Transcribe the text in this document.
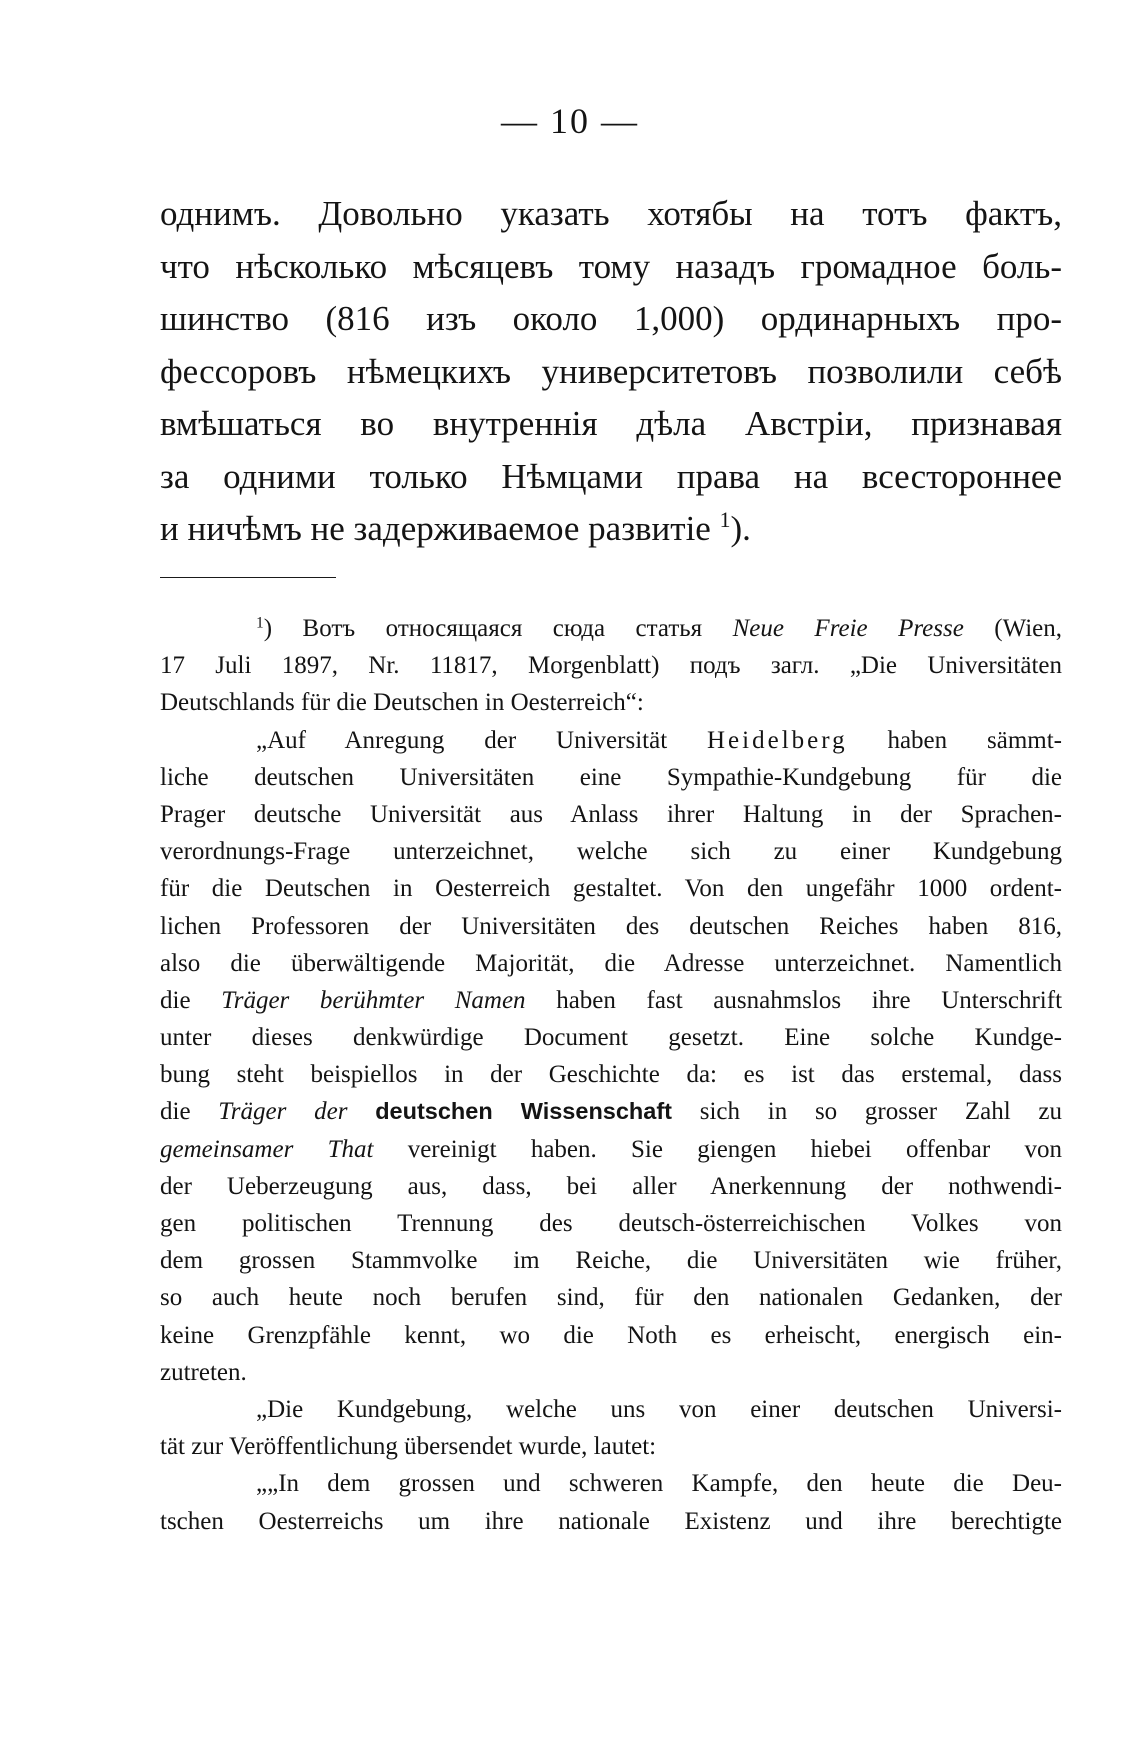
— 10 —
однимъ. Довольно указать хотябы на тотъ фактъ,
что нѣсколько мѣсяцевъ тому назадъ громадное боль-
шинство (816 изъ около 1,000) ординарныхъ про-
фессоровъ нѣмецкихъ университетовъ позволили себѣ
вмѣшаться во внутреннія дѣла Австріи, признавая
за одними только Нѣмцами права на всестороннее
и ничѣмъ не задерживаемое развитіе $^1$).
$^1$) Вотъ относящаяся сюда статья Neue Freie Presse (Wien,
17 Juli 1897, Nr. 11817, Morgenblatt) подъ загл. „Die Universitäten
Deutschlands für die Deutschen in Oesterreich“:
„Auf Anregung der Universität Heidelberg haben sämmt-
liche deutschen Universitäten eine Sympathie-Kundgebung für die
Prager deutsche Universität aus Anlass ihrer Haltung in der Sprachen-
verordnungs-Frage unterzeichnet, welche sich zu einer Kundgebung
für die Deutschen in Oesterreich gestaltet. Von den ungefähr 1000 ordent-
lichen Professoren der Universitäten des deutschen Reiches haben 816,
also die überwältigende Majorität, die Adresse unterzeichnet. Namentlich
die Träger berühmter Namen haben fast ausnahmslos ihre Unterschrift
unter dieses denkwürdige Document gesetzt. Eine solche Kundge-
bung steht beispiellos in der Geschichte da: es ist das erstemal, dass
die Träger der deutschen Wissenschaft sich in so grosser Zahl zu
gemeinsamer That vereinigt haben. Sie giengen hiebei offenbar von
der Ueberzeugung aus, dass, bei aller Anerkennung der nothwendi-
gen politischen Trennung des deutsch-österreichischen Volkes von
dem grossen Stammvolke im Reiche, die Universitäten wie früher,
so auch heute noch berufen sind, für den nationalen Gedanken, der
keine Grenzpfähle kennt, wo die Noth es erheischt, energisch ein-
zutreten.
„Die Kundgebung, welche uns von einer deutschen Universi-
tät zur Veröffentlichung übersendet wurde, lautet:
„„In dem grossen und schweren Kampfe, den heute die Deu-
tschen Oesterreichs um ihre nationale Existenz und ihre berechtigte
